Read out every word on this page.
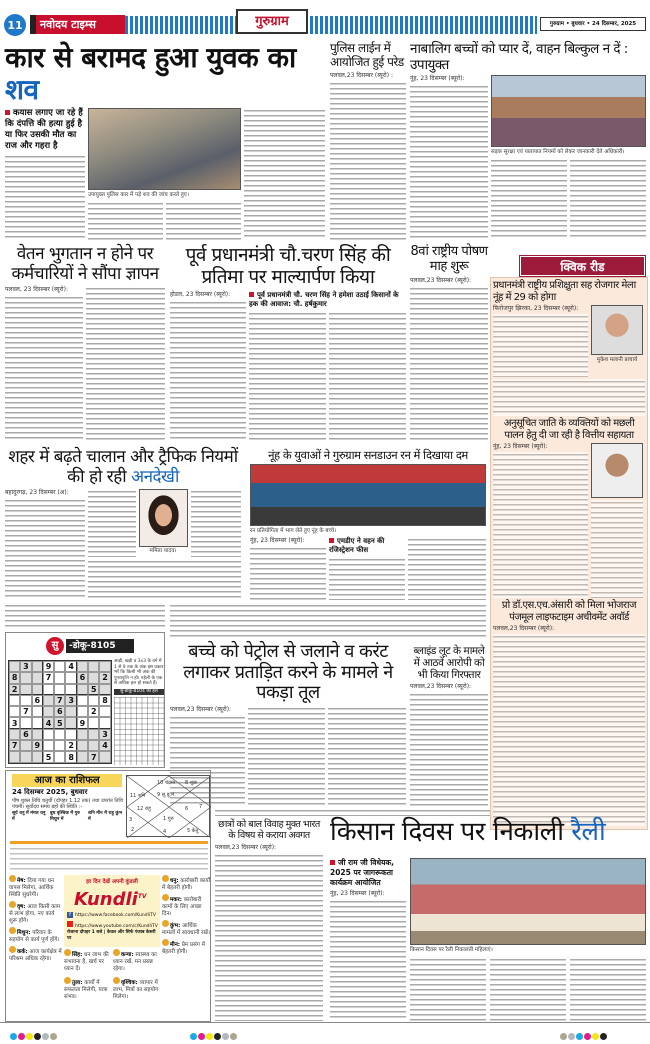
11	नवोदय टाइम्स	गुरुग्राम	गुरुग्राम • बुधवार • 24 दिसम्बर, 2025
कार से बरामद हुआ युवक का शव
कयास लगाए जा रहे हैं कि दंपत्ति की हत्या हुई है या फिर उसकी मौत का राज और गहरा है
उपायुक्त पुलिस कार में पड़े शव की जांच करते हुए।
पुलिस लाईन में आयोजित हुई परेड
पलवल,23 दिसम्बर (ब्यूरो) :
नाबालिग बच्चों को प्यार दें, वाहन बिल्कुल न दें : उपायुक्त
नूंह, 23 दिसम्बर (ब्यूरो):
सड़क सुरक्षा एवं यातायात नियमों को लेकर जानकारी देते अधिकारी।
वेतन भुगतान न होने पर कर्मचारियों ने सौंपा ज्ञापन
पलवल, 23 दिसम्बर (ब्यूरो):
पूर्व प्रधानमंत्री चौ.चरण सिंह की प्रतिमा पर माल्यार्पण किया
होडल, 23 दिसम्बर (ब्यूरो):	पूर्व प्रधानमंत्री चौ. चरण सिंह ने हमेशा उठाई किसानों के हक की आवाज: चौ. हर्षकुमार
8वां राष्ट्रीय पोषण माह शुरू
पलवल,23 दिसम्बर (ब्यूरो):
क्विक रीड
प्रधानमंत्री राष्ट्रीय प्रशिक्षुता सह रोजगार मेला नूंह में 29 को होगा
फिरोजपुर झिरका, 23 दिसम्बर (ब्यूरो):
मुकेश मलानी प्राचार्य
अनुसूचित जाति के व्यक्तियों को मछली पालन हेतु दी जा रही है वित्तीय सहायता
नूंह, 23 दिसम्बर (ब्यूरो):
प्रो डॉ.एस.एच.अंसारी को मिला भोजराज पंजमूल लाइफटाइम अचीवमेंट अवॉर्ड
पलवल,23 दिसम्बर (ब्यूरो):
शहर में बढ़ते चालान और ट्रैफिक नियमों की हो रही अनदेखी
बहादुरगढ़, 23 दिसम्बर (अ):
ममिता यादव।
नूंह के युवाओं ने गुरुग्राम सनडाउन रन में दिखाया दम
रन प्रतियोगिता में भाग लेते हुए नूंह के बच्चे।
नूंह, 23 दिसम्बर (ब्यूरो):	एमडीए ने वहन की रजिस्ट्रेशन फीस
सु	-डोकू-8105
3	9	4
8	7	6	2
2	5
6	7 3	8
7	6	2
3	4 5	9
6	3
7	9	2	4
5	8	7
आड़ी, खड़ी व 3x3 के वर्ग में 1 से 9 तक के अंक इस प्रकार भरें कि किसी भी अंक की पुनरावृत्ति न हो। पहेली के एक से अधिक हल हो सकते हैं।
सु-डोकू-8104 का हल
बच्चे को पेट्रोल से जलाने व करंट लगाकर प्रताड़ित करने के मामले ने पकड़ा तूल
पलवल,23 दिसम्बर (ब्यूरो):
ब्लाइंड लूट के मामले में आठवें आरोपी को भी किया गिरफ्तार
पलवल,23 दिसम्बर (ब्यूरो):
आज का राशिफल
24 दिसम्बर 2025, बुधवार
पौष शुक्ल तिथि चतुर्थी (दोपहर 1.12 तक) तथा उपरांत तिथि पंचमी। सूर्योदय समय ग्रहों की स्थिति :-
सूर्य धनु में मंगल धनु में
बुध वृश्चिक में गुरु मिथुन में
शनि मीन में राहु कुंभ में
10 चंद्रमा 8 शुक्र
11 शनि 9 सू.बु.मं.
7
12 राहु	6
1 गुरु
5 केतु
2	4
3
मेष: दिया गया धन वापस मिलेगा, आर्थिक स्थिति सुधरेगी।
वृष: आज किसी काम से लाभ होगा, नए कार्य शुरू होंगे।
मिथुन: परिवार के सहयोग से कार्य पूर्ण होंगे।
कर्क: आज कार्यक्षेत्र में परिश्रम अधिक रहेगा।
सिंह: धन लाभ की संभावना है, खर्च पर ध्यान दें।
कन्या: स्वास्थ्य का ध्यान रखें, मन प्रसन्न रहेगा।
तुला: कार्यों में सफलता मिलेगी, यात्रा संभव।
वृश्चिक: व्यापार में लाभ, मित्रों का सहयोग मिलेगा।
धनु: कारोबारी कार्यों में बेहतरी होगी।
मकर: कारोबारी कामों के लिए अच्छा दिन।
कुंभ: आर्थिक मामलों में सावधानी रखें।
मीन: प्रेम प्रसंग में बेहतरी होगी।
हर दिन देखें अपनी कुंडली
Kundli$^{TV}$
f https://www.facebook.com/KundliTV
https://www.youtube.com/c/KundliTV
रोजाना दोपहर 1 बजे | केवल और सिर्फ पंजाब केसरी पर
छात्रों को बाल विवाह मुक्त भारत के विषय से कराया अवगत
पलवल,23 दिसम्बर (ब्यूरो):
किसान दिवस पर निकाली रैली
जी राम जी विधेयक, 2025 पर जागरूकता कार्यक्रम आयोजित
नूंह, 23 दिसम्बर (ब्यूरो):
किसान दिवस पर रैली निकालती महिलाएं।
